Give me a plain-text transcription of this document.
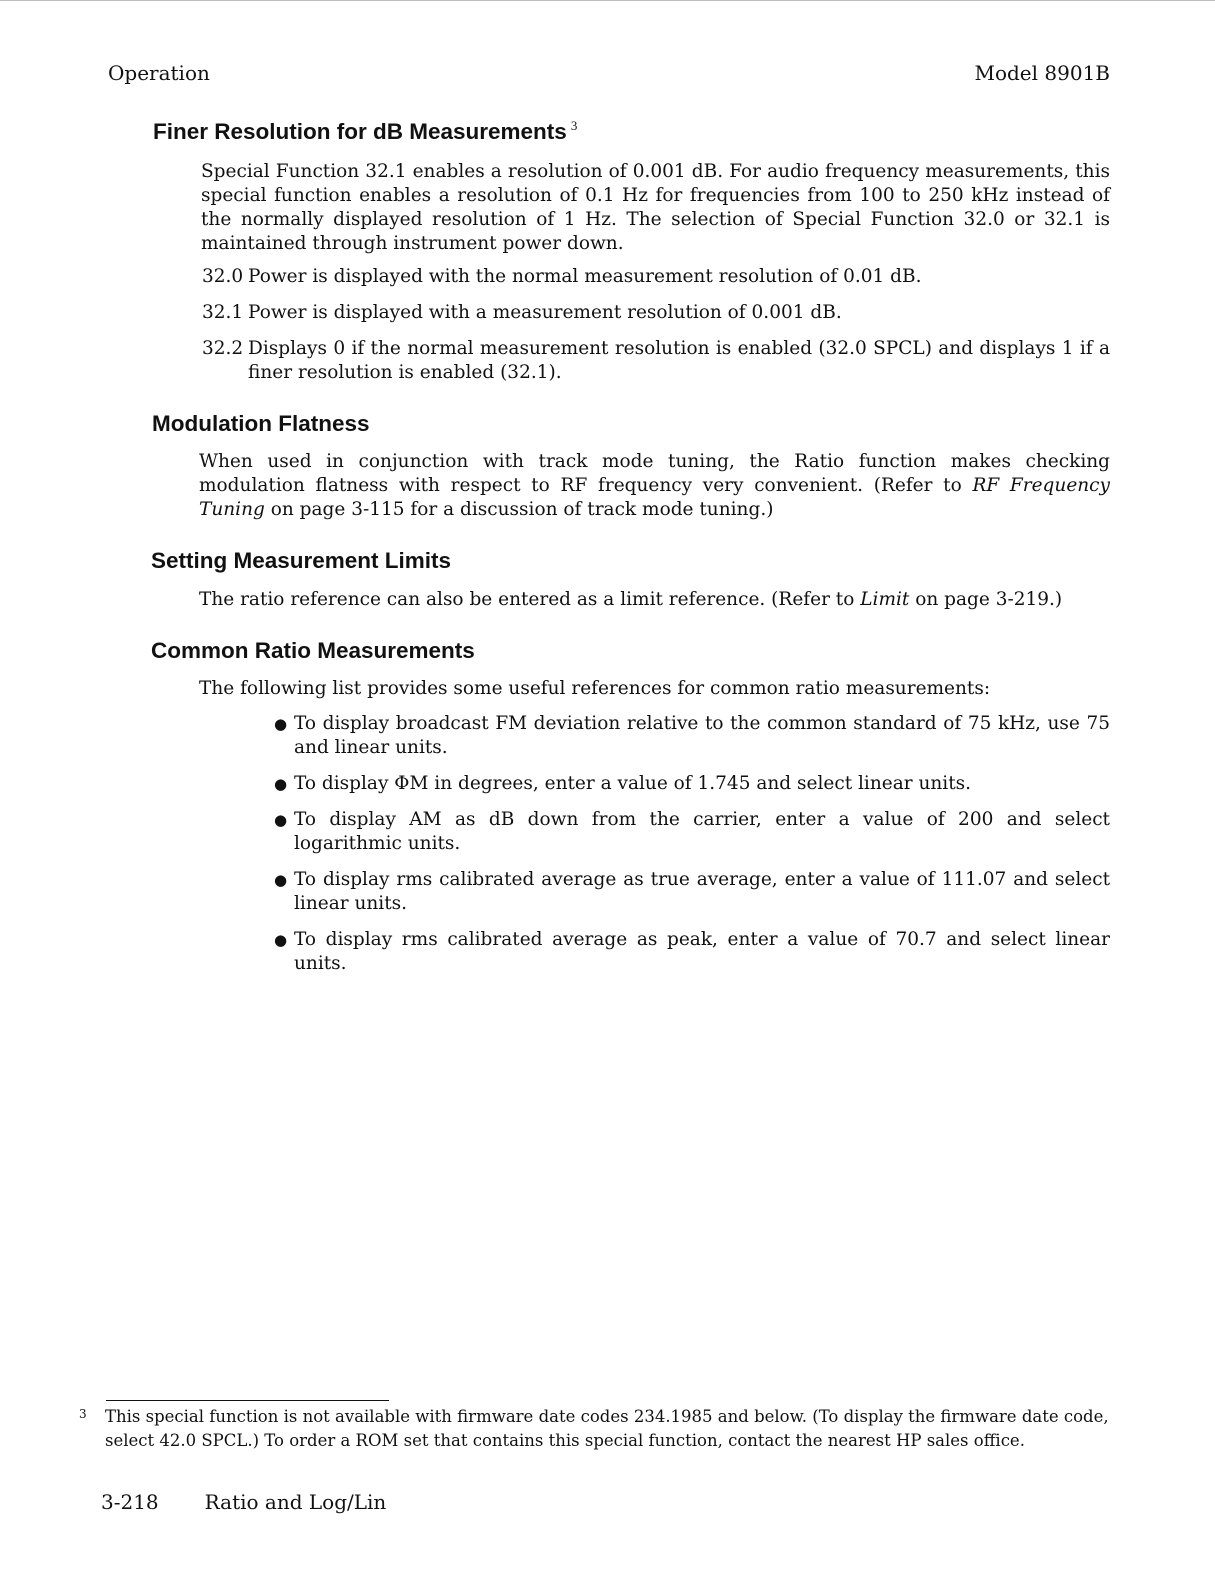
Operation	Model 8901B
Finer Resolution for dB Measurements $^3$

Special Function 32.1 enables a resolution of 0.001 dB. For audio frequency measurements, this special function enables a resolution of 0.1 Hz for frequencies from 100 to 250 kHz instead of the normally displayed resolution of 1 Hz. The selection of Special Function 32.0 or 32.1 is maintained through instrument power down.

32.0 Power is displayed with the normal measurement resolution of 0.01 dB.
32.1 Power is displayed with a measurement resolution of 0.001 dB.
32.2 Displays 0 if the normal measurement resolution is enabled (32.0 SPCL) and displays 1 if a finer resolution is enabled (32.1).
Modulation Flatness

When used in conjunction with track mode tuning, the Ratio function makes checking modulation flatness with respect to RF frequency very convenient. (Refer to RF Frequency Tuning on page 3-115 for a discussion of track mode tuning.)

Setting Measurement Limits

The ratio reference can also be entered as a limit reference. (Refer to Limit on page 3-219.)

Common Ratio Measurements

The following list provides some useful references for common ratio measurements:

● To display broadcast FM deviation relative to the common standard of 75 kHz, use 75 and linear units.
● To display ΦM in degrees, enter a value of 1.745 and select linear units.
● To display AM as dB down from the carrier, enter a value of 200 and select logarithmic units.
● To display rms calibrated average as true average, enter a value of 111.07 and select linear units.
● To display rms calibrated average as peak, enter a value of 70.7 and select linear units.
3	This special function is not available with firmware date codes 234.1985 and below. (To display the firmware date code, select 42.0 SPCL.) To order a ROM set that contains this special function, contact the nearest HP sales office.
3-218 Ratio and Log/Lin
